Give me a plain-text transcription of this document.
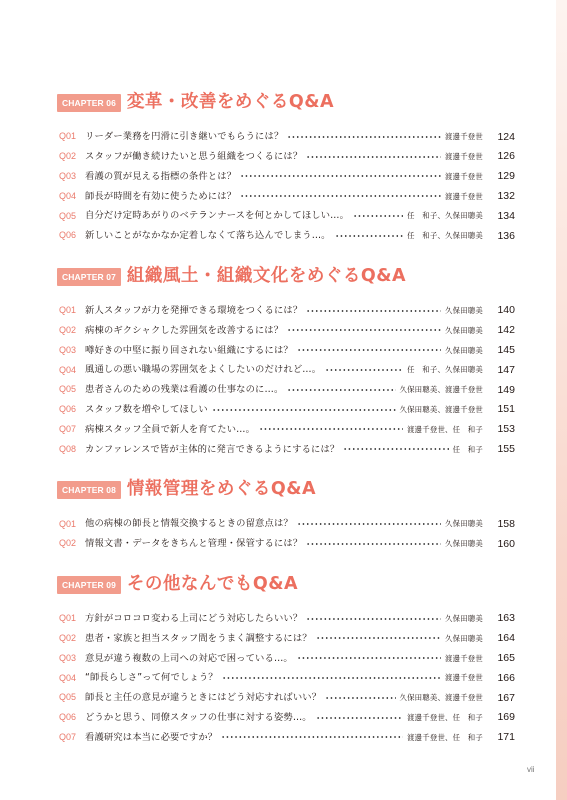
CHAPTER 06 変革・改善をめぐるQ&A
Q01 リーダー業務を円滑に引き継いでもらうには？	渡邊千登世	124
Q02 スタッフが働き続けたいと思う組織をつくるには？	渡邊千登世	126
Q03 看護の質が見える指標の条件とは？	渡邊千登世	129
Q04 師長が時間を有効に使うためには？	渡邊千登世	132
Q05 自分だけ定時あがりのベテランナースを何とかしてほしい…。	任　和子、久保田聰美	134
Q06 新しいことがなかなか定着しなくて落ち込んでしまう…。	任　和子、久保田聰美	136
CHAPTER 07 組織風土・組織文化をめぐるQ&A
Q01 新人スタッフが力を発揮できる環境をつくるには？	久保田聰美	140
Q02 病棟のギクシャクした雰囲気を改善するには？	久保田聰美	142
Q03 噂好きの中堅に振り回されない組織にするには？	久保田聰美	145
Q04 風通しの悪い職場の雰囲気をよくしたいのだけれど…。	任　和子、久保田聰美	147
Q05 患者さんのための残業は看護の仕事なのに…。	久保田聰美、渡邊千登世	149
Q06 スタッフ数を増やしてほしい	久保田聰美、渡邊千登世	151
Q07 病棟スタッフ全員で新人を育てたい…。	渡邊千登世、任　和子	153
Q08 カンファレンスで皆が主体的に発言できるようにするには？	任　和子	155
CHAPTER 08 情報管理をめぐるQ&A
Q01 他の病棟の師長と情報交換するときの留意点は？	久保田聰美	158
Q02 情報文書・データをきちんと管理・保管するには？	久保田聰美	160
CHAPTER 09 その他なんでもQ&A
Q01 方針がコロコロ変わる上司にどう対応したらいい？	久保田聰美	163
Q02 患者・家族と担当スタッフ間をうまく調整するには？	久保田聰美	164
Q03 意見が違う複数の上司への対応で困っている…。	渡邊千登世	165
Q04 “師長らしさ”って何でしょう？	渡邊千登世	166
Q05 師長と主任の意見が違うときにはどう対応すればいい？	久保田聰美、渡邊千登世	167
Q06 どうかと思う、同僚スタッフの仕事に対する姿勢…。	渡邊千登世、任　和子	169
Q07 看護研究は本当に必要ですか？	渡邊千登世、任　和子	171
vii
